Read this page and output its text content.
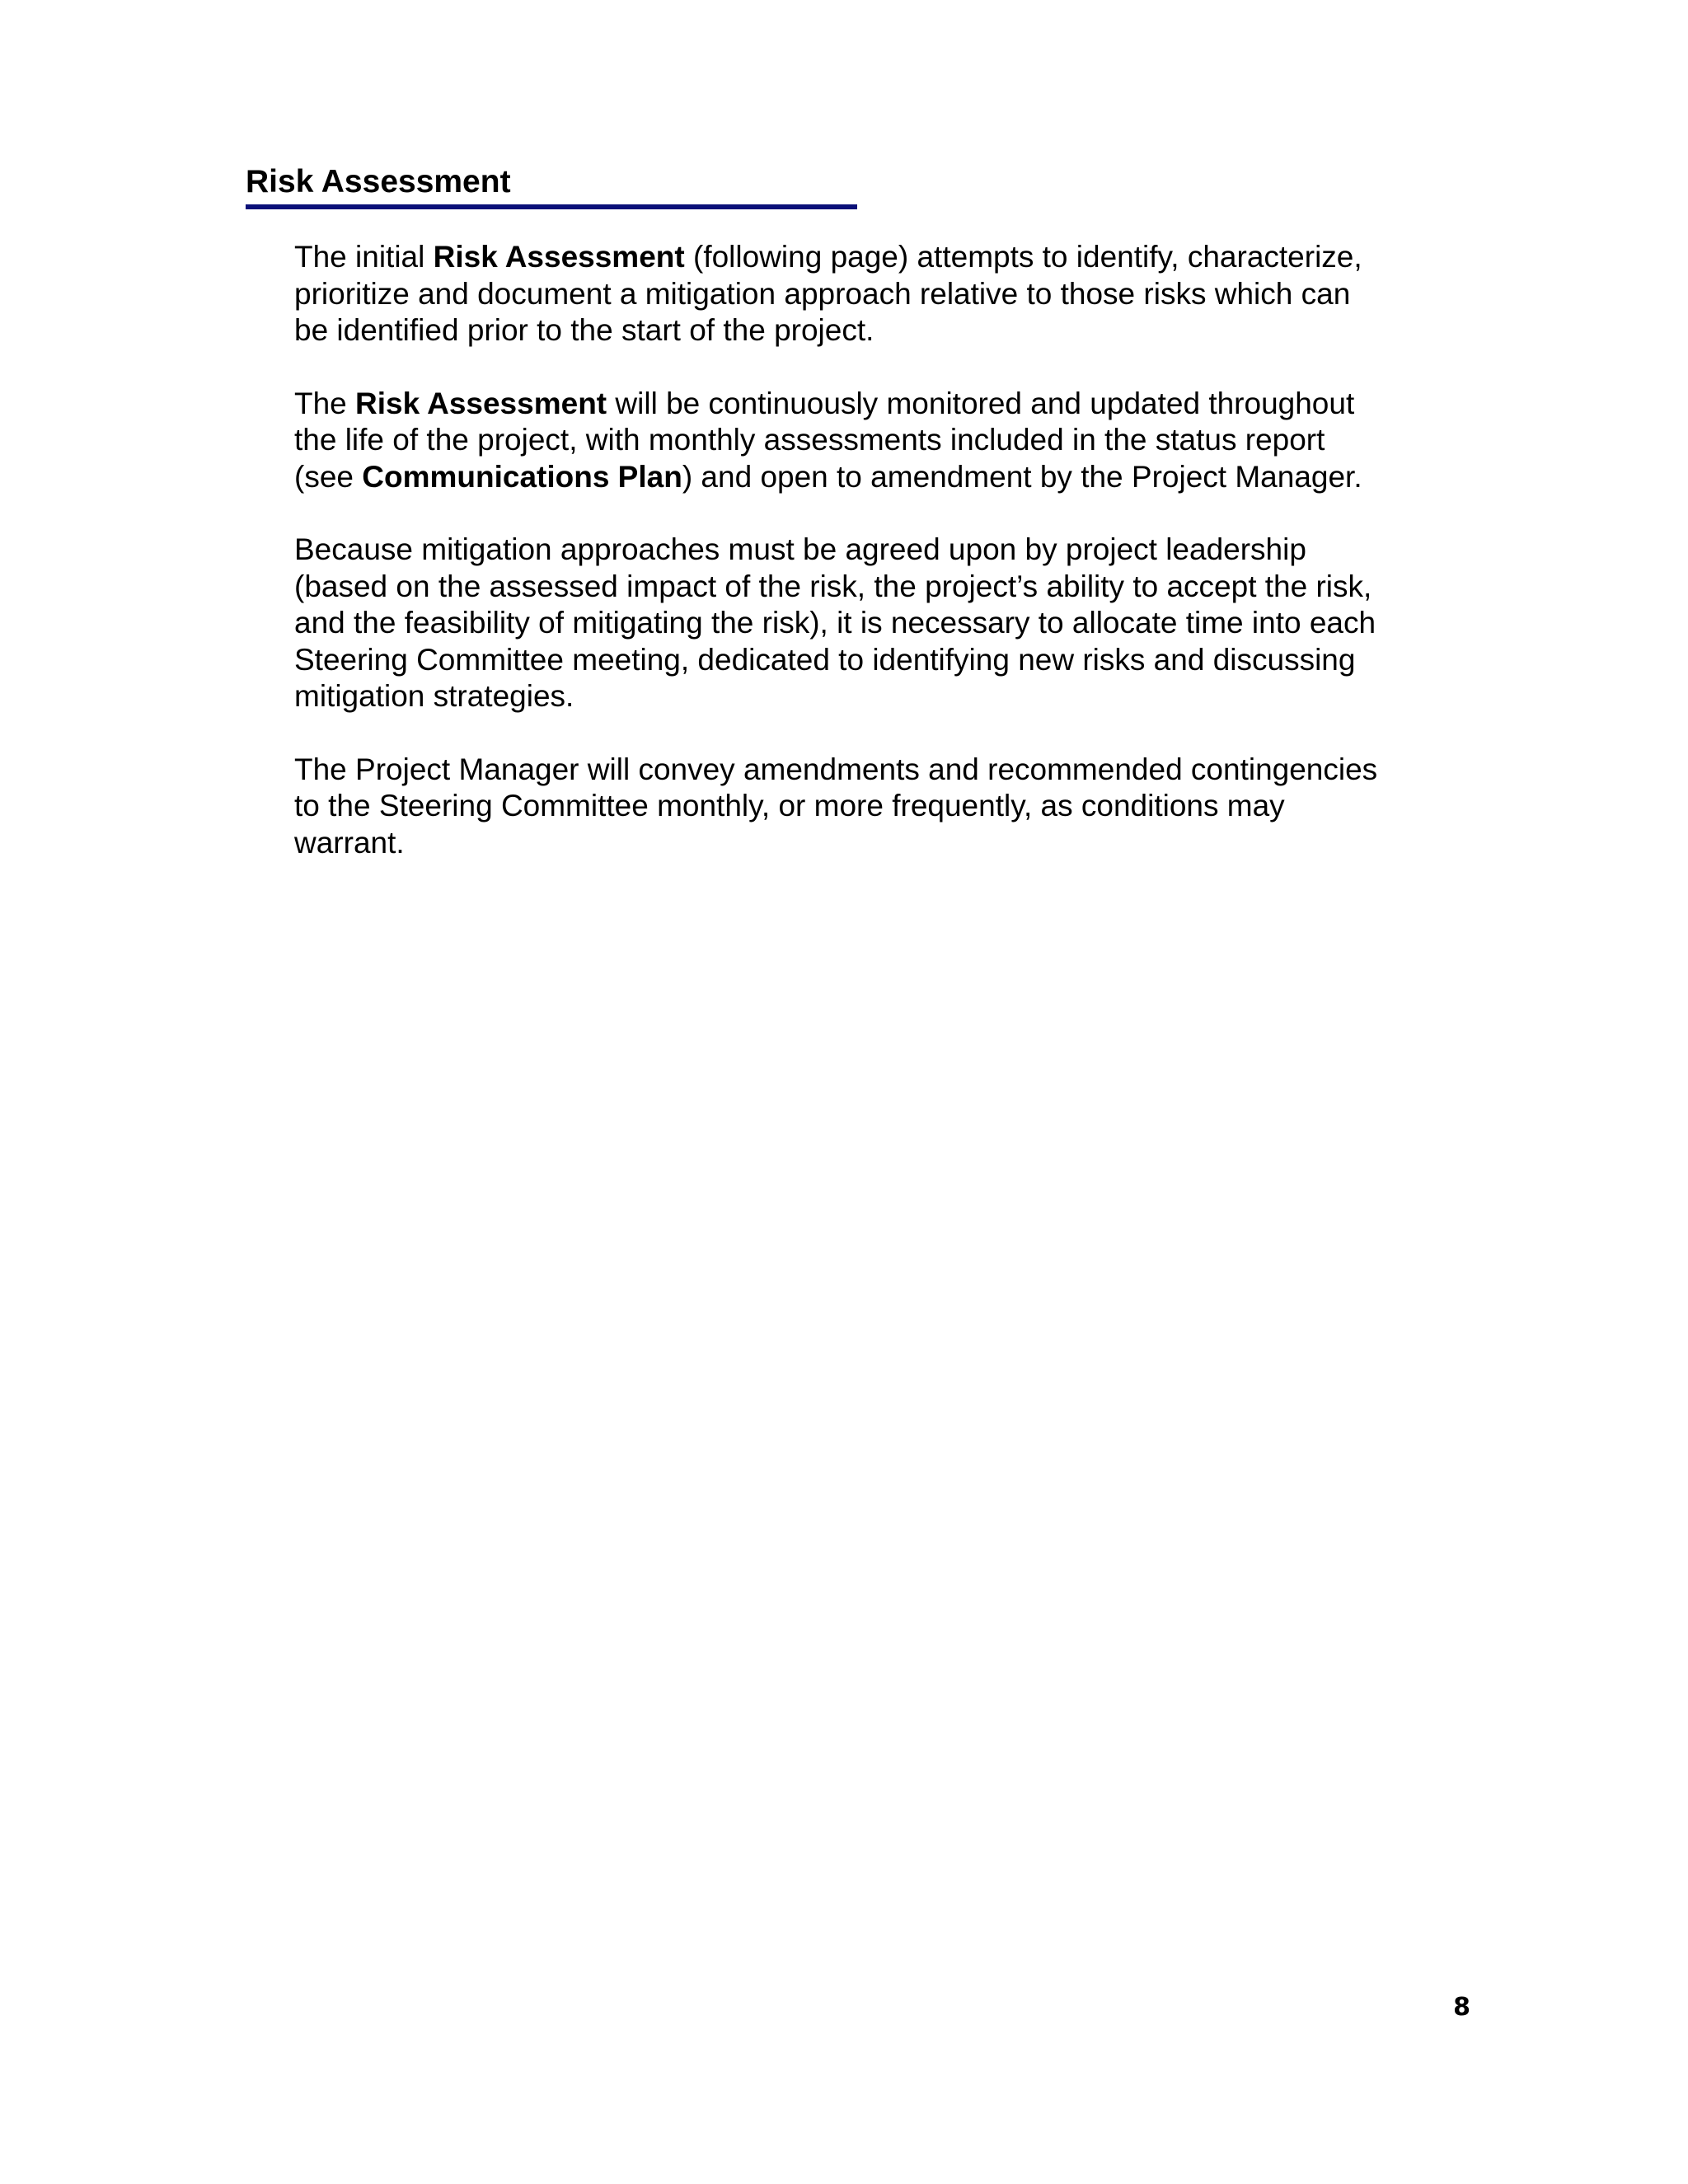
Risk Assessment

The initial Risk Assessment (following page) attempts to identify, characterize,
prioritize and document a mitigation approach relative to those risks which can
be identified prior to the start of the project.

The Risk Assessment will be continuously monitored and updated throughout
the life of the project, with monthly assessments included in the status report
(see Communications Plan) and open to amendment by the Project Manager.

Because mitigation approaches must be agreed upon by project leadership
(based on the assessed impact of the risk, the project’s ability to accept the risk,
and the feasibility of mitigating the risk), it is necessary to allocate time into each
Steering Committee meeting, dedicated to identifying new risks and discussing
mitigation strategies.

The Project Manager will convey amendments and recommended contingencies
to the Steering Committee monthly, or more frequently, as conditions may
warrant.

8
